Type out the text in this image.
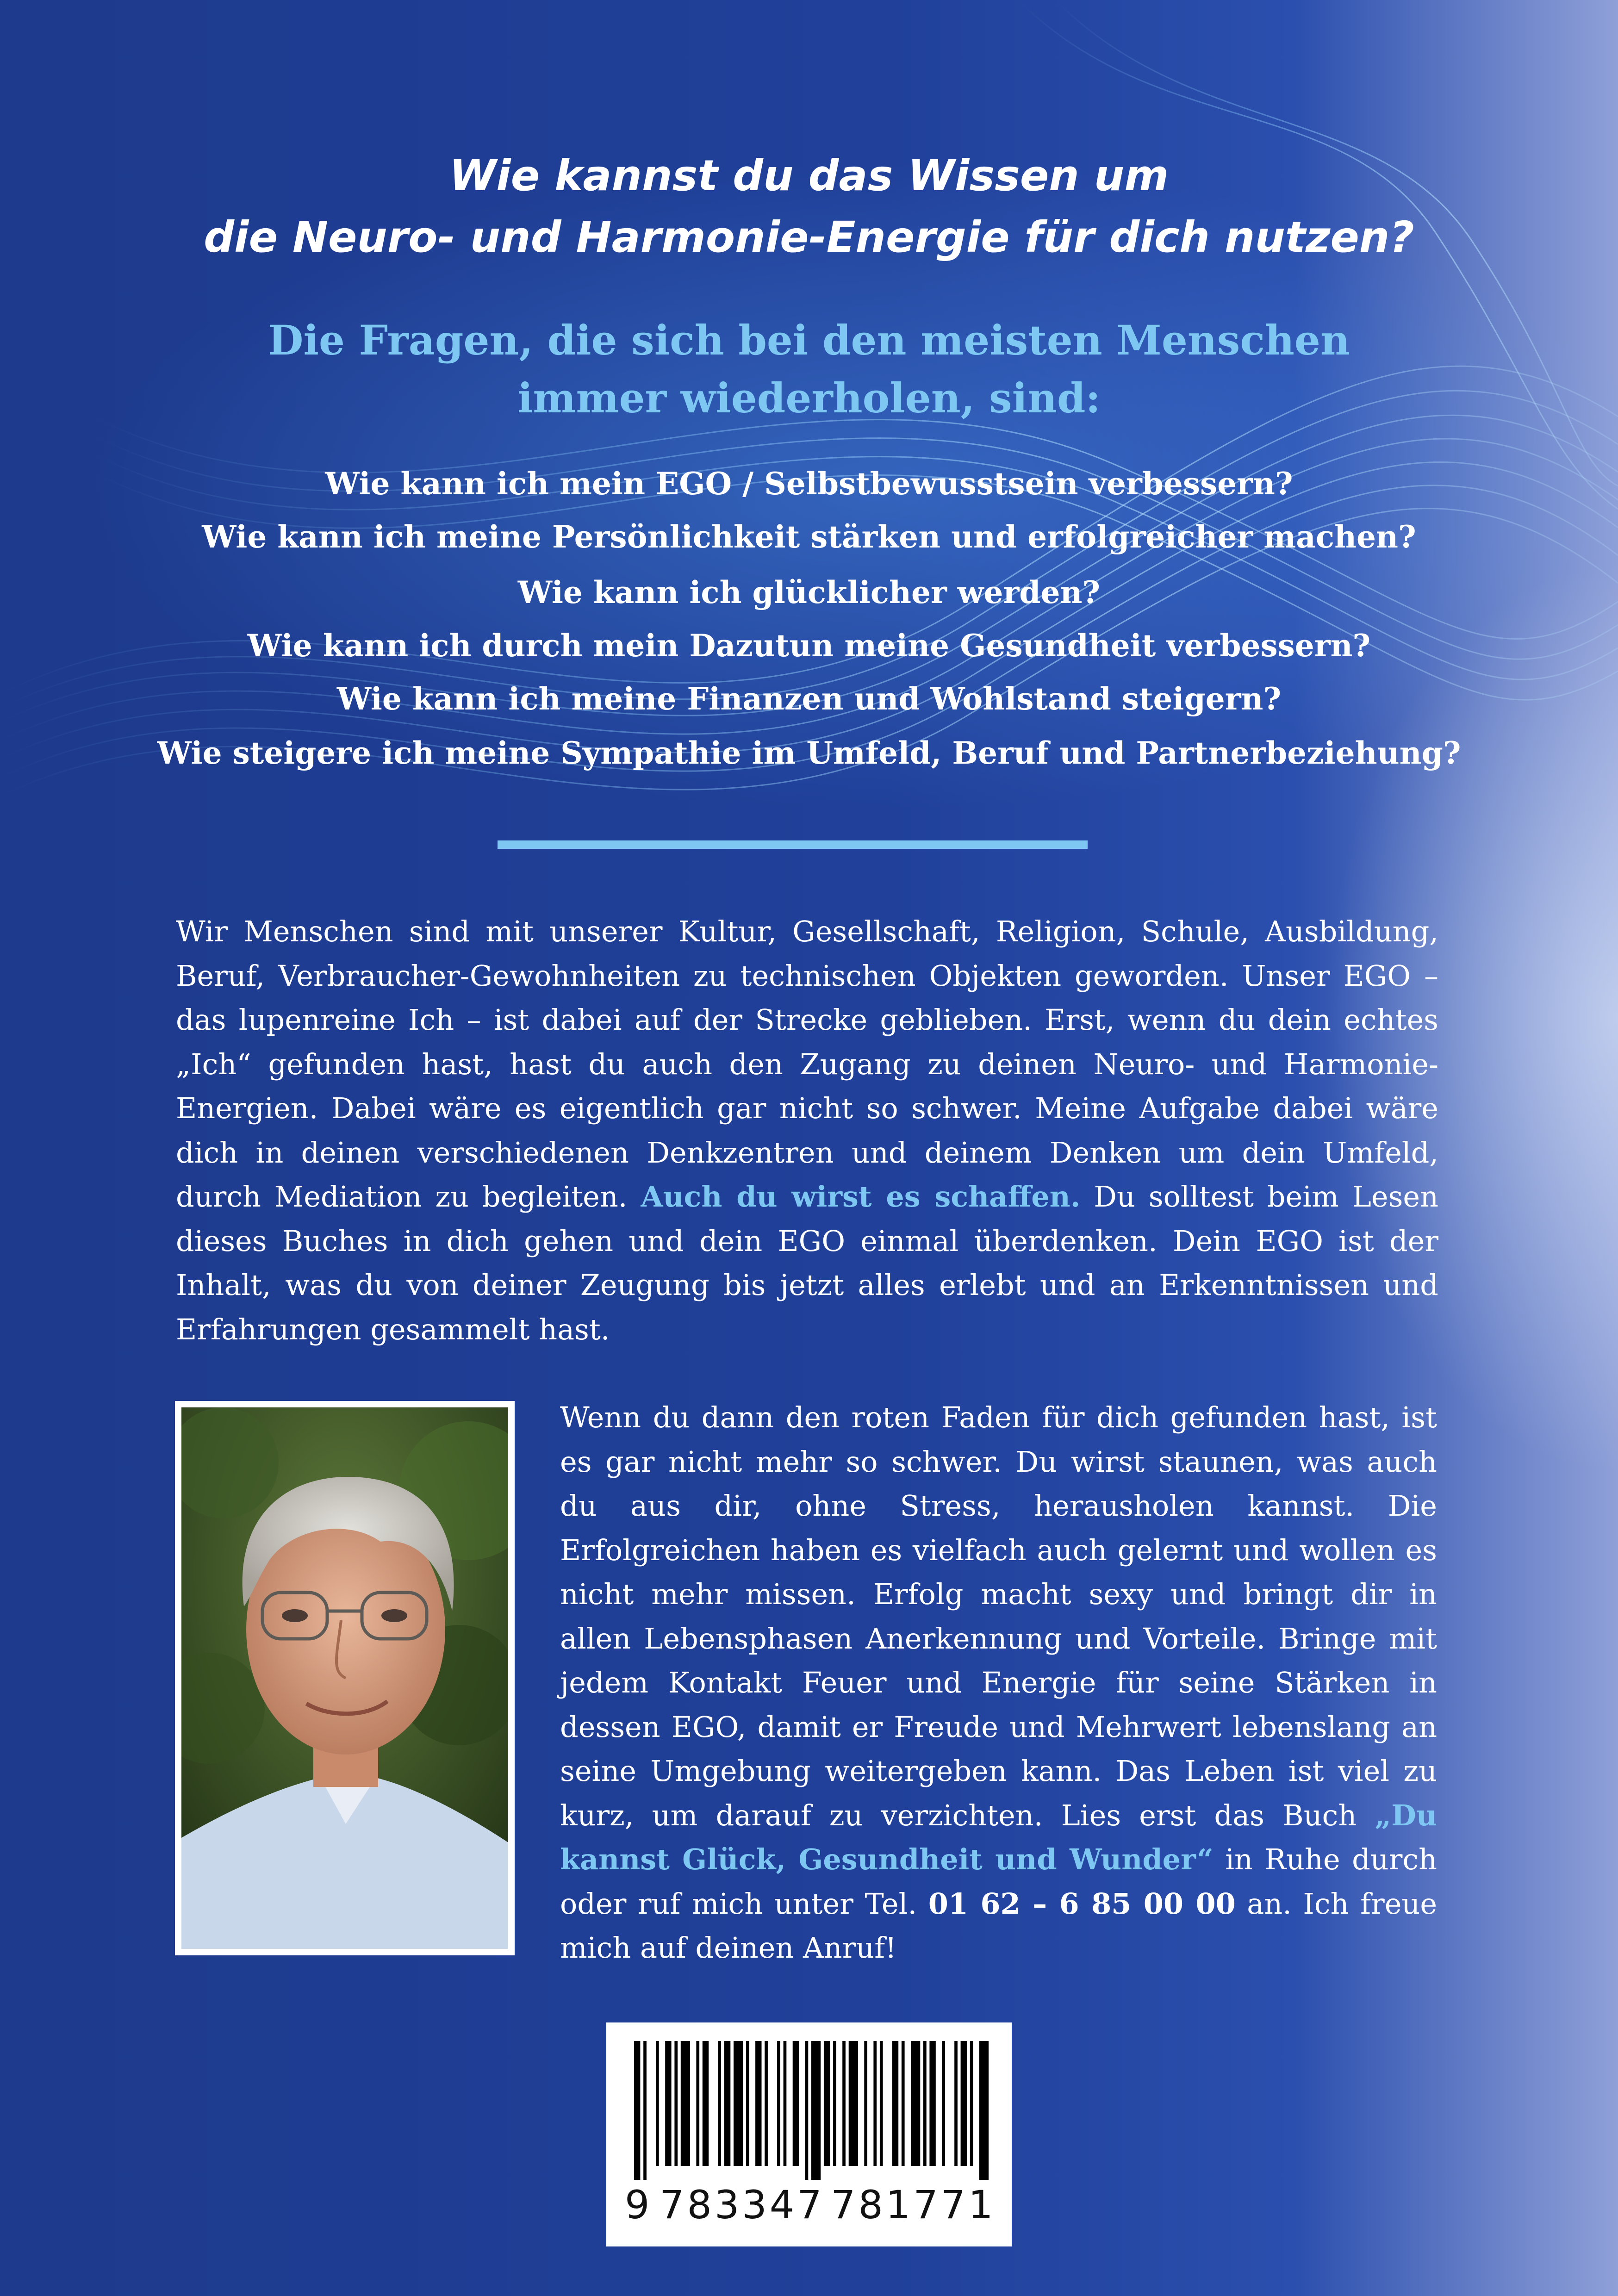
Wie kannst du das Wissen um
die Neuro- und Harmonie-Energie für dich nutzen?
Die Fragen, die sich bei den meisten Menschen
immer wiederholen, sind:
Wie kann ich mein EGO / Selbstbewusstsein verbessern?
Wie kann ich meine Persönlichkeit stärken und erfolgreicher machen?
Wie kann ich glücklicher werden?
Wie kann ich durch mein Dazutun meine Gesundheit verbessern?
Wie kann ich meine Finanzen und Wohlstand steigern?
Wie steigere ich meine Sympathie im Umfeld, Beruf und Partnerbeziehung?
Wir Menschen sind mit unserer Kultur, Gesellschaft, Religion, Schule, Ausbildung, Beruf, Verbraucher-Gewohnheiten zu technischen Objekten geworden. Unser EGO – das lupenreine Ich – ist dabei auf der Strecke geblieben. Erst, wenn du dein echtes „Ich“ gefunden hast, hast du auch den Zugang zu deinen Neuro- und Harmonie-Energien. Dabei wäre es eigentlich gar nicht so schwer. Meine Aufgabe dabei wäre dich in deinen verschiedenen Denkzentren und deinem Denken um dein Umfeld, durch Mediation zu begleiten. Auch du wirst es schaffen. Du solltest beim Lesen dieses Buches in dich gehen und dein EGO einmal überdenken. Dein EGO ist der Inhalt, was du von deiner Zeugung bis jetzt alles erlebt und an Erkenntnissen und Erfahrungen gesammelt hast.
Wenn du dann den roten Faden für dich gefunden hast, ist es gar nicht mehr so schwer. Du wirst staunen, was auch du aus dir, ohne Stress, herausholen kannst. Die Erfolgreichen haben es vielfach auch gelernt und wollen es nicht mehr missen. Erfolg macht sexy und bringt dir in allen Lebensphasen Anerkennung und Vorteile. Bringe mit jedem Kontakt Feuer und Energie für seine Stärken in dessen EGO, damit er Freude und Mehrwert lebenslang an seine Umgebung weitergeben kann. Das Leben ist viel zu kurz, um darauf zu verzichten. Lies erst das Buch „Du kannst Glück, Gesundheit und Wunder“ in Ruhe durch oder ruf mich unter Tel. 01 62 – 6 85 00 00 an. Ich freue mich auf deinen Anruf!
9 783347 781771
